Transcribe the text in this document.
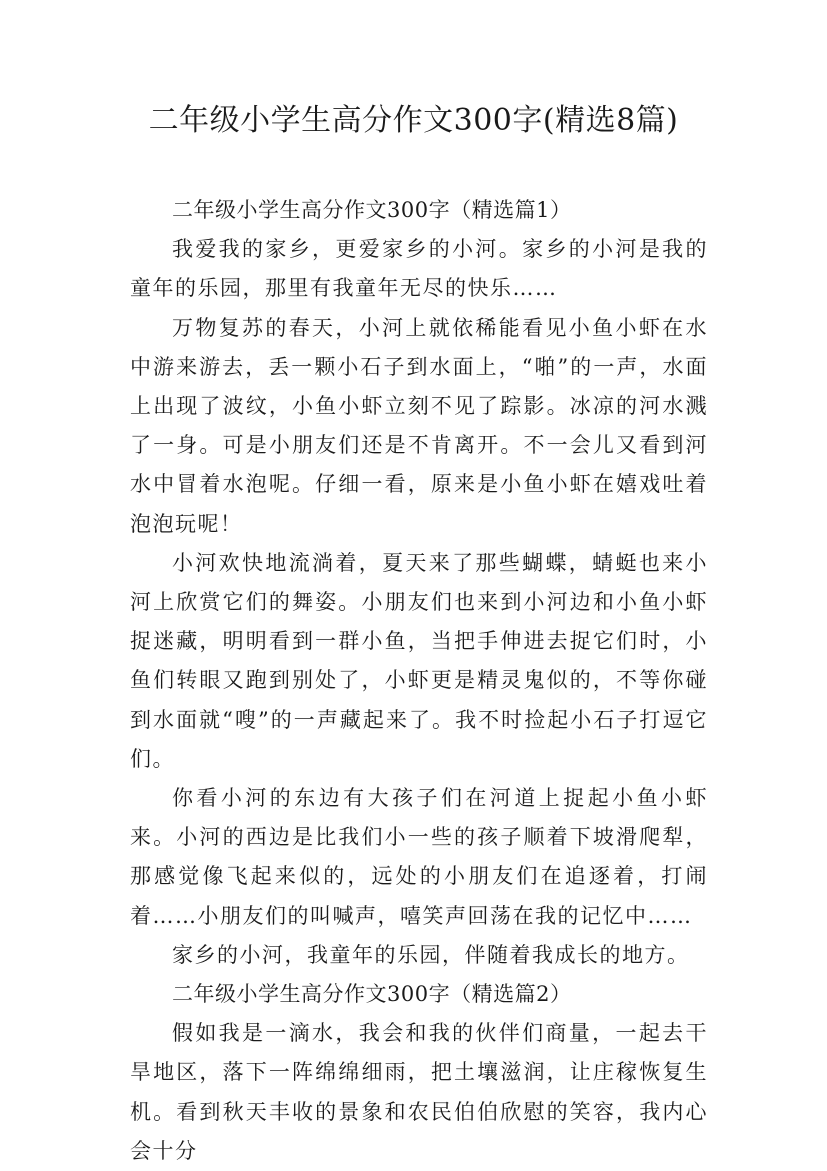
二年级小学生高分作文300字(精选8篇)

二年级小学生高分作文300字（精选篇1）

我爱我的家乡，更爱家乡的小河。家乡的小河是我的童年的乐园，那里有我童年无尽的快乐……

万物复苏的春天，小河上就依稀能看见小鱼小虾在水中游来游去，丢一颗小石子到水面上，“啪”的一声，水面上出现了波纹，小鱼小虾立刻不见了踪影。冰凉的河水溅了一身。可是小朋友们还是不肯离开。不一会儿又看到河水中冒着水泡呢。仔细一看，原来是小鱼小虾在嬉戏吐着泡泡玩呢！

小河欢快地流淌着，夏天来了那些蝴蝶，蜻蜓也来小河上欣赏它们的舞姿。小朋友们也来到小河边和小鱼小虾捉迷藏，明明看到一群小鱼，当把手伸进去捉它们时，小鱼们转眼又跑到别处了，小虾更是精灵鬼似的，不等你碰到水面就“嗖”的一声藏起来了。我不时捡起小石子打逗它们。

你看小河的东边有大孩子们在河道上捉起小鱼小虾来。小河的西边是比我们小一些的孩子顺着下坡滑爬犁，那感觉像飞起来似的，远处的小朋友们在追逐着，打闹着……小朋友们的叫喊声，嘻笑声回荡在我的记忆中……

家乡的小河，我童年的乐园，伴随着我成长的地方。

二年级小学生高分作文300字（精选篇2）

假如我是一滴水，我会和我的伙伴们商量，一起去干旱地区，落下一阵绵绵细雨，把土壤滋润，让庄稼恢复生机。看到秋天丰收的景象和农民伯伯欣慰的笑容，我内心会十分
